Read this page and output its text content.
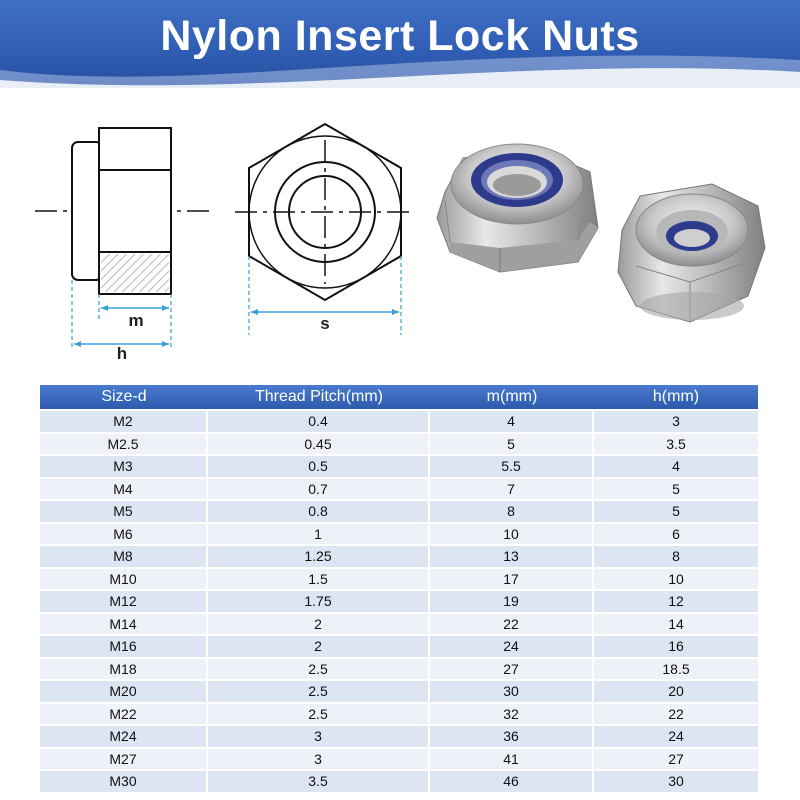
Nylon Insert Lock Nuts
m
h
s
Size-d	Thread Pitch(mm)	m(mm)	h(mm)
M2	0.4	4	3
M2.5	0.45	5	3.5
M3	0.5	5.5	4
M4	0.7	7	5
M5	0.8	8	5
M6	1	10	6
M8	1.25	13	8
M10	1.5	17	10
M12	1.75	19	12
M14	2	22	14
M16	2	24	16
M18	2.5	27	18.5
M20	2.5	30	20
M22	2.5	32	22
M24	3	36	24
M27	3	41	27
M30	3.5	46	30
